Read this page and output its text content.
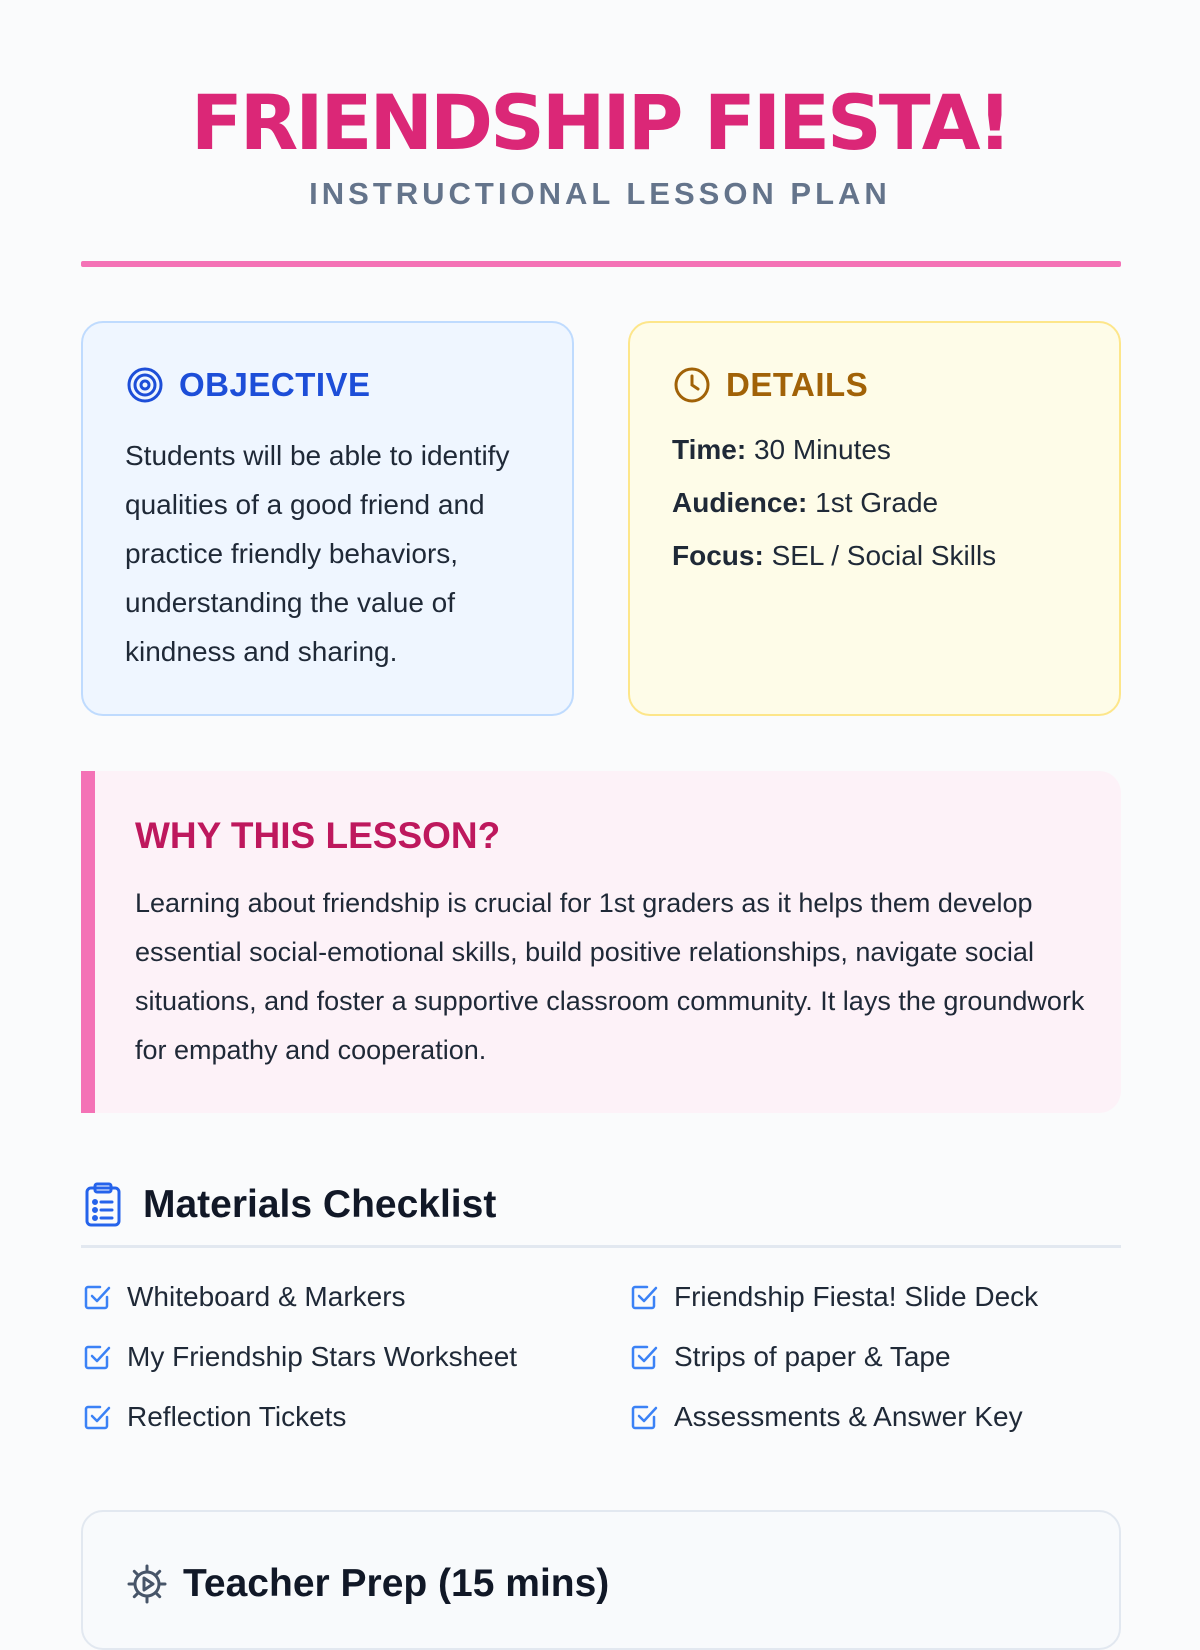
FRIENDSHIP FIESTA!

INSTRUCTIONAL LESSON PLAN

OBJECTIVE

Students will be able to identify qualities of a good friend and practice friendly behaviors, understanding the value of kindness and sharing.

DETAILS
Time: 30 Minutes
Audience: 1st Grade
Focus: SEL / Social Skills
WHY THIS LESSON?

Learning about friendship is crucial for 1st graders as it helps them develop essential social-emotional skills, build positive relationships, navigate social situations, and foster a supportive classroom community. It lays the groundwork for empathy and cooperation.

Materials Checklist
Whiteboard & Markers	Friendship Fiesta! Slide Deck
My Friendship Stars Worksheet	Strips of paper & Tape
Reflection Tickets	Assessments & Answer Key
Teacher Prep (15 mins)
